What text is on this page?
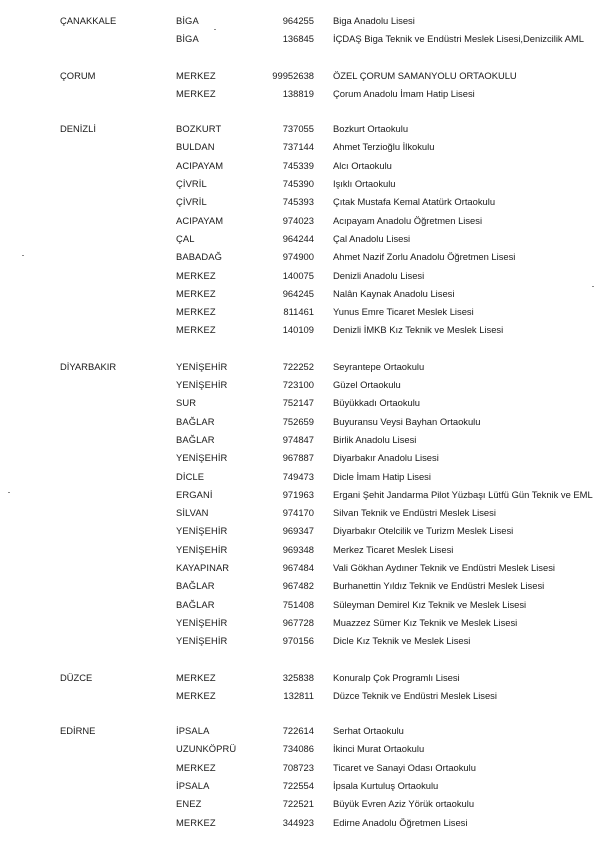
ÇANAKKALE	BİGA	964255 Biga Anadolu Lisesi
BİGA	136845 İÇDAŞ Biga Teknik ve Endüstri Meslek Lisesi,Denizcilik AML
ÇORUM	MERKEZ	99952638 ÖZEL ÇORUM SAMANYOLU ORTAOKULU
MERKEZ	138819 Çorum Anadolu İmam Hatip Lisesi
DENİZLİ	BOZKURT	737055 Bozkurt Ortaokulu
BULDAN	737144 Ahmet Terzioğlu İlkokulu
ACIPAYAM	745339 Alcı Ortaokulu
ÇİVRİL	745390 Işıklı Ortaokulu
ÇİVRİL	745393 Çıtak Mustafa Kemal Atatürk Ortaokulu
ACIPAYAM	974023 Acıpayam Anadolu Öğretmen Lisesi
ÇAL	964244 Çal Anadolu Lisesi
BABADAĞ	974900 Ahmet Nazif Zorlu Anadolu Öğretmen Lisesi
MERKEZ	140075 Denizli Anadolu Lisesi
MERKEZ	964245 Nalân Kaynak Anadolu Lisesi
MERKEZ	811461 Yunus Emre Ticaret Meslek Lisesi
MERKEZ	140109 Denizli İMKB Kız Teknik ve Meslek Lisesi
DİYARBAKIR	YENİŞEHİR	722252 Seyrantepe Ortaokulu
YENİŞEHİR	723100 Güzel Ortaokulu
SUR	752147 Büyükkadı Ortaokulu
BAĞLAR	752659 Buyuransu Veysi Bayhan Ortaokulu
BAĞLAR	974847 Birlik Anadolu Lisesi
YENİŞEHİR	967887 Diyarbakır Anadolu Lisesi
DİCLE	749473 Dicle İmam Hatip Lisesi
ERGANİ	971963 Ergani Şehit Jandarma Pilot Yüzbaşı Lütfü Gün Teknik ve EML
SİLVAN	974170 Silvan Teknik ve Endüstri Meslek Lisesi
YENİŞEHİR	969347 Diyarbakır Otelcilik ve Turizm Meslek Lisesi
YENİŞEHİR	969348 Merkez Ticaret Meslek Lisesi
KAYAPINAR	967484 Vali Gökhan Aydıner Teknik ve Endüstri Meslek Lisesi
BAĞLAR	967482 Burhanettin Yıldız Teknik ve Endüstri Meslek Lisesi
BAĞLAR	751408 Süleyman Demirel Kız Teknik ve Meslek Lisesi
YENİŞEHİR	967728 Muazzez Sümer Kız Teknik ve Meslek Lisesi
YENİŞEHİR	970156 Dicle Kız Teknik ve Meslek Lisesi
DÜZCE	MERKEZ	325838 Konuralp Çok Programlı Lisesi
MERKEZ	132811 Düzce Teknik ve Endüstri Meslek Lisesi
EDİRNE	İPSALA	722614 Serhat Ortaokulu
UZUNKÖPRÜ	734086 İkinci Murat Ortaokulu
MERKEZ	708723 Ticaret ve Sanayi Odası Ortaokulu
İPSALA	722554 İpsala Kurtuluş Ortaokulu
ENEZ	722521 Büyük Evren Aziz Yörük ortaokulu
MERKEZ	344923 Edirne Anadolu Öğretmen Lisesi
